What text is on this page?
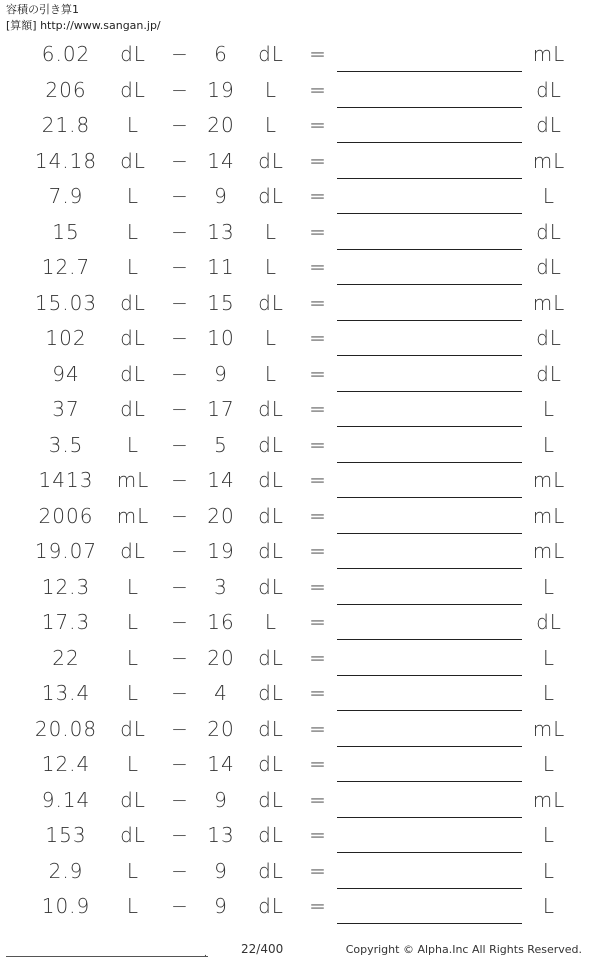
容積の引き算1
[算額] http://www.sangan.jp/
6.02	dL	−	6	dL	=	mL
206	dL	− 19	L	=	dL
21.8	L	− 20	L	=	dL
14.18	dL	− 14	dL	=	mL
7.9	L	−	9	dL	=	L
15	L	− 13	L	=	dL
12.7	L	− 11	L	=	dL
15.03	dL	− 15	dL	=	mL
102	dL	− 10	L	=	dL
94	dL	−	9	L	=	dL
37	dL	− 17	dL	=	L
3.5	L	−	5	dL	=	L
1413	mL	− 14	dL	=	mL
2006	mL	− 20	dL	=	mL
19.07	dL	− 19	dL	=	mL
12.3	L	−	3	dL	=	L
17.3	L	− 16	L	=	dL
22	L	− 20	dL	=	L
13.4	L	−	4	dL	=	L
20.08	dL	− 20	dL	=	mL
12.4	L	− 14	dL	=	L
9.14	dL	−	9	dL	=	mL
153	dL	− 13	dL	=	L
2.9	L	−	9	dL	=	L
10.9	L	−	9	dL	=	L
.	22/400	Copyright © Alpha.Inc All Rights Reserved.
